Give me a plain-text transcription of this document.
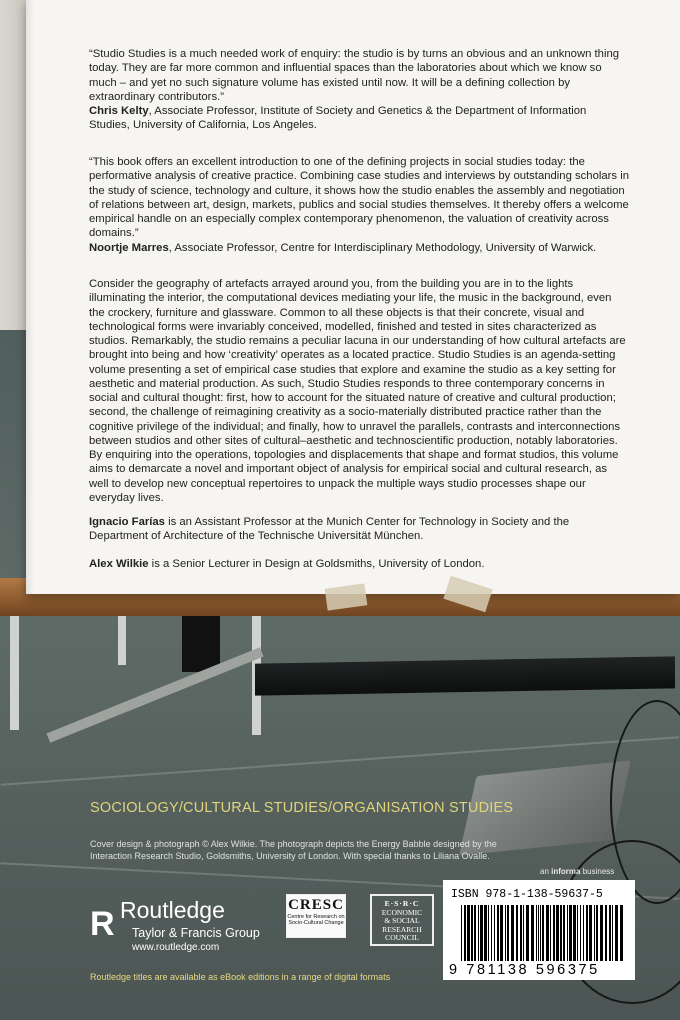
“Studio Studies is a much needed work of enquiry: the studio is by turns an obvious and an unknown thing today. They are far more common and influential spaces than the laboratories about which we know so much – and yet no such signature volume has existed until now. It will be a defining collection by extraordinary contributors.”

Chris Kelty, Associate Professor, Institute of Society and Genetics & the Department of Information Studies, University of California, Los Angeles.

“This book offers an excellent introduction to one of the defining projects in social studies today: the performative analysis of creative practice. Combining case studies and interviews by outstanding scholars in the study of science, technology and culture, it shows how the studio enables the assembly and negotiation of relations between art, design, markets, publics and social studies themselves. It thereby offers a welcome empirical handle on an especially complex contemporary phenomenon, the valuation of creativity across domains.”

Noortje Marres, Associate Professor, Centre for Interdisciplinary Methodology, University of Warwick.

Consider the geography of artefacts arrayed around you, from the building you are in to the lights illuminating the interior, the computational devices mediating your life, the music in the background, even the crockery, furniture and glassware. Common to all these objects is that their concrete, visual and technological forms were invariably conceived, modelled, finished and tested in sites characterized as studios. Remarkably, the studio remains a peculiar lacuna in our understanding of how cultural artefacts are brought into being and how ‘creativity’ operates as a located practice. Studio Studies is an agenda-setting volume presenting a set of empirical case studies that explore and examine the studio as a key setting for aesthetic and material production. As such, Studio Studies responds to three contemporary concerns in social and cultural thought: first, how to account for the situated nature of creative and cultural production; second, the challenge of reimagining creativity as a socio-materially distributed practice rather than the cognitive privilege of the individual; and finally, how to unravel the parallels, contrasts and interconnections between studios and other sites of cultural–aesthetic and technoscientific production, notably laboratories. By enquiring into the operations, topologies and displacements that shape and format studios, this volume aims to demarcate a novel and important object of analysis for empirical social and cultural research, as well to develop new conceptual repertoires to unpack the multiple ways studio processes shape our everyday lives.

Ignacio Farías is an Assistant Professor at the Munich Center for Technology in Society and the Department of Architecture of the Technische Universität München.

Alex Wilkie is a Senior Lecturer in Design at Goldsmiths, University of London.

SOCIOLOGY/CULTURAL STUDIES/ORGANISATION STUDIES
Cover design & photograph © Alex Wilkie. The photograph depicts the Energy Babble designed by the Interaction Research Studio, Goldsmiths, University of London. With special thanks to Liliana Ovalle.
an informa business
R Routledge
Taylor & Francis Group
www.routledge.com
CRESC
Centre for Research on Socio-Cultural Change
E·S·R·C
ECONOMIC
& SOCIAL
RESEARCH
COUNCIL
ISBN 978-1-138-59637-5
9 781138 596375
Routledge titles are available as eBook editions in a range of digital formats
